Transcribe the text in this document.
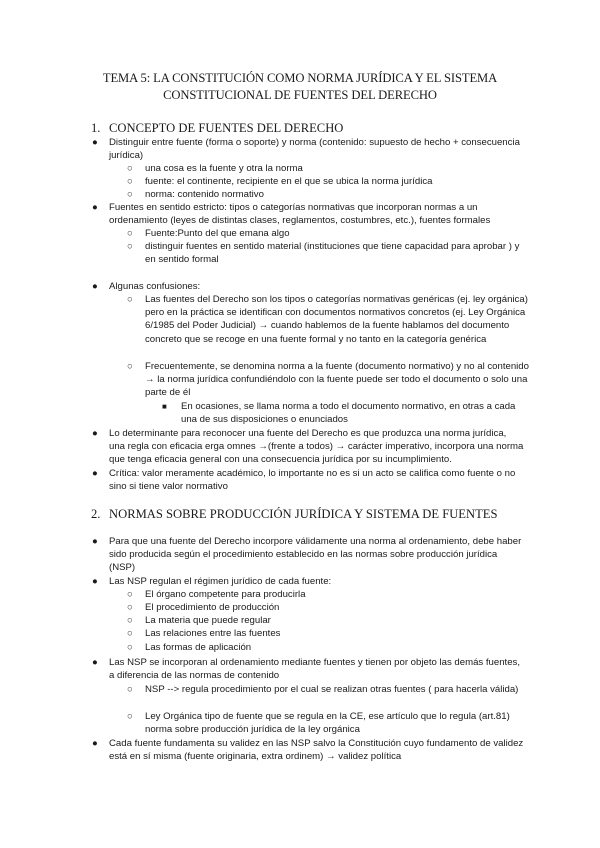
TEMA 5: LA CONSTITUCIÓN COMO NORMA JURÍDICA Y EL SISTEMA
CONSTITUCIONAL DE FUENTES DEL DERECHO
1. CONCEPTO DE FUENTES DEL DERECHO
●	Distinguir entre fuente (forma o soporte) y norma (contenido: supuesto de hecho + consecuencia jurídica)
○	una cosa es la fuente y otra la norma
○	fuente: el continente, recipiente en el que se ubica la norma jurídica
○	norma: contenido normativo
●	Fuentes en sentido estricto: tipos o categorías normativas que incorporan normas a un ordenamiento (leyes de distintas clases, reglamentos, costumbres, etc.), fuentes formales
○	Fuente:Punto del que emana algo
○	distinguir fuentes en sentido material (instituciones que tiene capacidad para aprobar ) y en sentido formal
●	Algunas confusiones:
○	Las fuentes del Derecho son los tipos o categorías normativas genéricas (ej. ley orgánica) pero en la práctica se identifican con documentos normativos concretos (ej. Ley Orgánica 6/1985 del Poder Judicial) → cuando hablemos de la fuente hablamos del documento concreto que se recoge en una fuente formal y no tanto en la categoría genérica
○	Frecuentemente, se denomina norma a la fuente (documento normativo) y no al contenido → la norma jurídica confundiéndolo con la fuente puede ser todo el documento o solo una parte de él
■	En ocasiones, se llama norma a todo el documento normativo, en otras a cada una de sus disposiciones o enunciados
●	Lo determinante para reconocer una fuente del Derecho es que produzca una norma jurídica, una regla con eficacia erga omnes →(frente a todos) → carácter imperativo, incorpora una norma que tenga eficacia general con una consecuencia jurídica por su incumplimiento.
●	Crítica: valor meramente académico, lo importante no es si un acto se califica como fuente o no sino si tiene valor normativo
2. NORMAS SOBRE PRODUCCIÓN JURÍDICA Y SISTEMA DE FUENTES
●	Para que una fuente del Derecho incorpore válidamente una norma al ordenamiento, debe haber sido producida según el procedimiento establecido en las normas sobre producción jurídica (NSP)
●	Las NSP regulan el régimen jurídico de cada fuente:
○	El órgano competente para producirla
○	El procedimiento de producción
○	La materia que puede regular
○	Las relaciones entre las fuentes
○	Las formas de aplicación
●	Las NSP se incorporan al ordenamiento mediante fuentes y tienen por objeto las demás fuentes, a diferencia de las normas de contenido
○	NSP --> regula procedimiento por el cual se realizan otras fuentes ( para hacerla válida)
○	Ley Orgánica tipo de fuente que se regula en la CE, ese artículo que lo regula (art.81) norma sobre producción jurídica de la ley orgánica
●	Cada fuente fundamenta su validez en las NSP salvo la Constitución cuyo fundamento de validez está en sí misma (fuente originaria, extra ordinem) → validez política
